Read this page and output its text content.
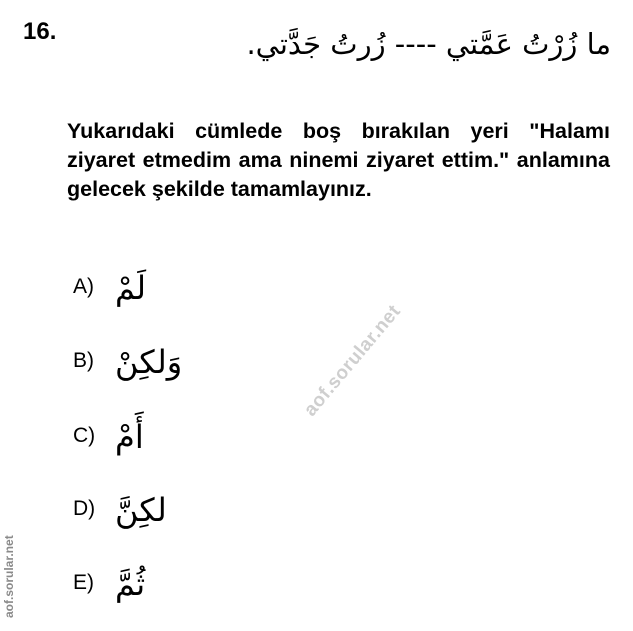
16.	ما زُرْتُ عَمَّتي ---- زُرتُ جَدَّتي.
Yukarıdaki cümlede boş bırakılan yeri "Halamı ziyaret etmedim ama ninemi ziyaret ettim." anlamına gelecek şekilde tamamlayınız.
A) لَمْ
B) وَلكِنْ
C) أَمْ
D) لكِنَّ
E) ثُمَّ
aof.sorular.net
aof.sorular.net
